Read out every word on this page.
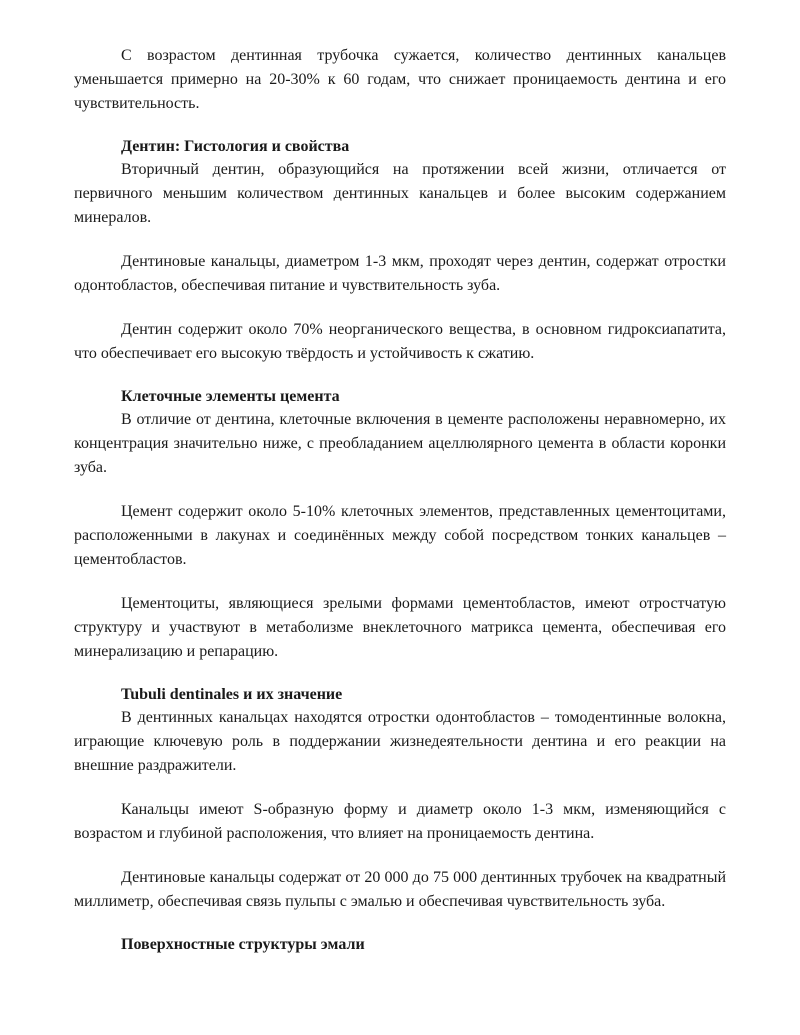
С возрастом дентинная трубочка сужается, количество дентинных канальцев уменьшается примерно на 20-30% к 60 годам, что снижает проницаемость дентина и его чувствительность.

Дентин: Гистология и свойства

Вторичный дентин, образующийся на протяжении всей жизни, отличается от первичного меньшим количеством дентинных канальцев и более высоким содержанием минералов.

Дентиновые канальцы, диаметром 1-3 мкм, проходят через дентин, содержат отростки одонтобластов, обеспечивая питание и чувствительность зуба.

Дентин содержит около 70% неорганического вещества, в основном гидроксиапатита, что обеспечивает его высокую твёрдость и устойчивость к сжатию.

Клеточные элементы цемента

В отличие от дентина, клеточные включения в цементе расположены неравномерно, их концентрация значительно ниже, с преобладанием ацеллюлярного цемента в области коронки зуба.

Цемент содержит около 5-10% клеточных элементов, представленных цементоцитами, расположенными в лакунах и соединённых между собой посредством тонких канальцев – цементобластов.

Цементоциты, являющиеся зрелыми формами цементобластов, имеют отростчатую структуру и участвуют в метаболизме внеклеточного матрикса цемента, обеспечивая его минерализацию и репарацию.

Tubuli dentinales и их значение

В дентинных канальцах находятся отростки одонтобластов – томодентинные волокна, играющие ключевую роль в поддержании жизнедеятельности дентина и его реакции на внешние раздражители.

Канальцы имеют S-образную форму и диаметр около 1-3 мкм, изменяющийся с возрастом и глубиной расположения, что влияет на проницаемость дентина.

Дентиновые канальцы содержат от 20 000 до 75 000 дентинных трубочек на квадратный миллиметр, обеспечивая связь пульпы с эмалью и обеспечивая чувствительность зуба.

Поверхностные структуры эмали
